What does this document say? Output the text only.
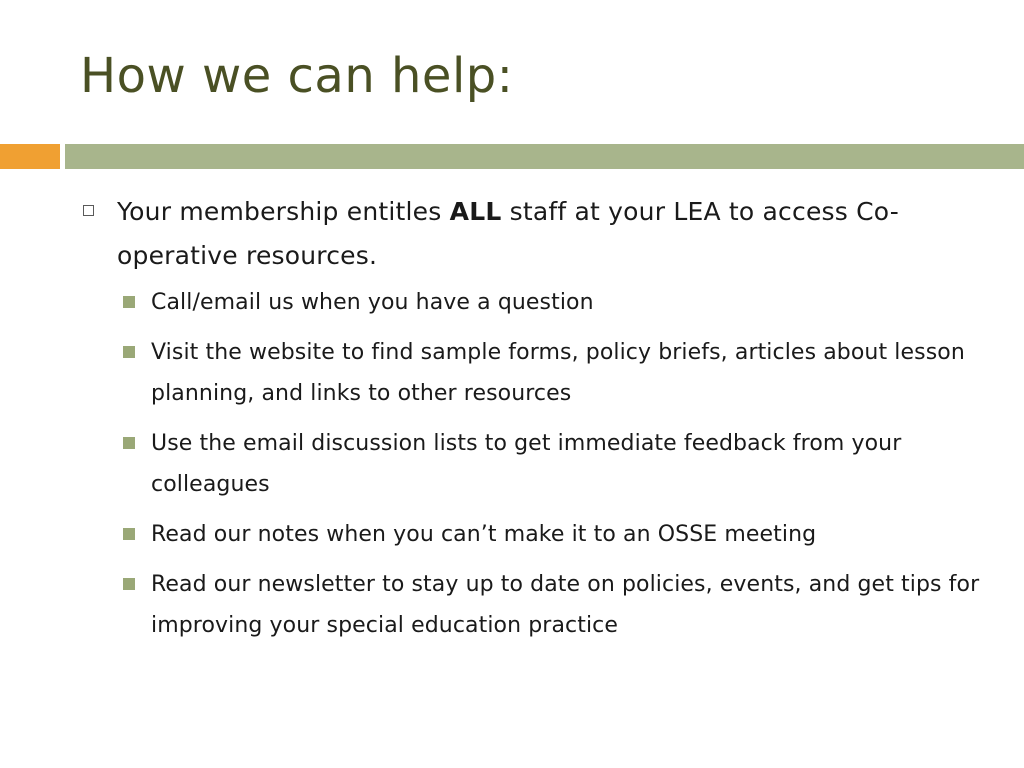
How we can help:
Your membership entitles ALL staff at your LEA to access Co-operative resources.
Call/email us when you have a question
Visit the website to find sample forms, policy briefs, articles about lesson planning, and links to other resources
Use the email discussion lists to get immediate feedback from your colleagues
Read our notes when you can’t make it to an OSSE meeting
Read our newsletter to stay up to date on policies, events, and get tips for improving your special education practice
